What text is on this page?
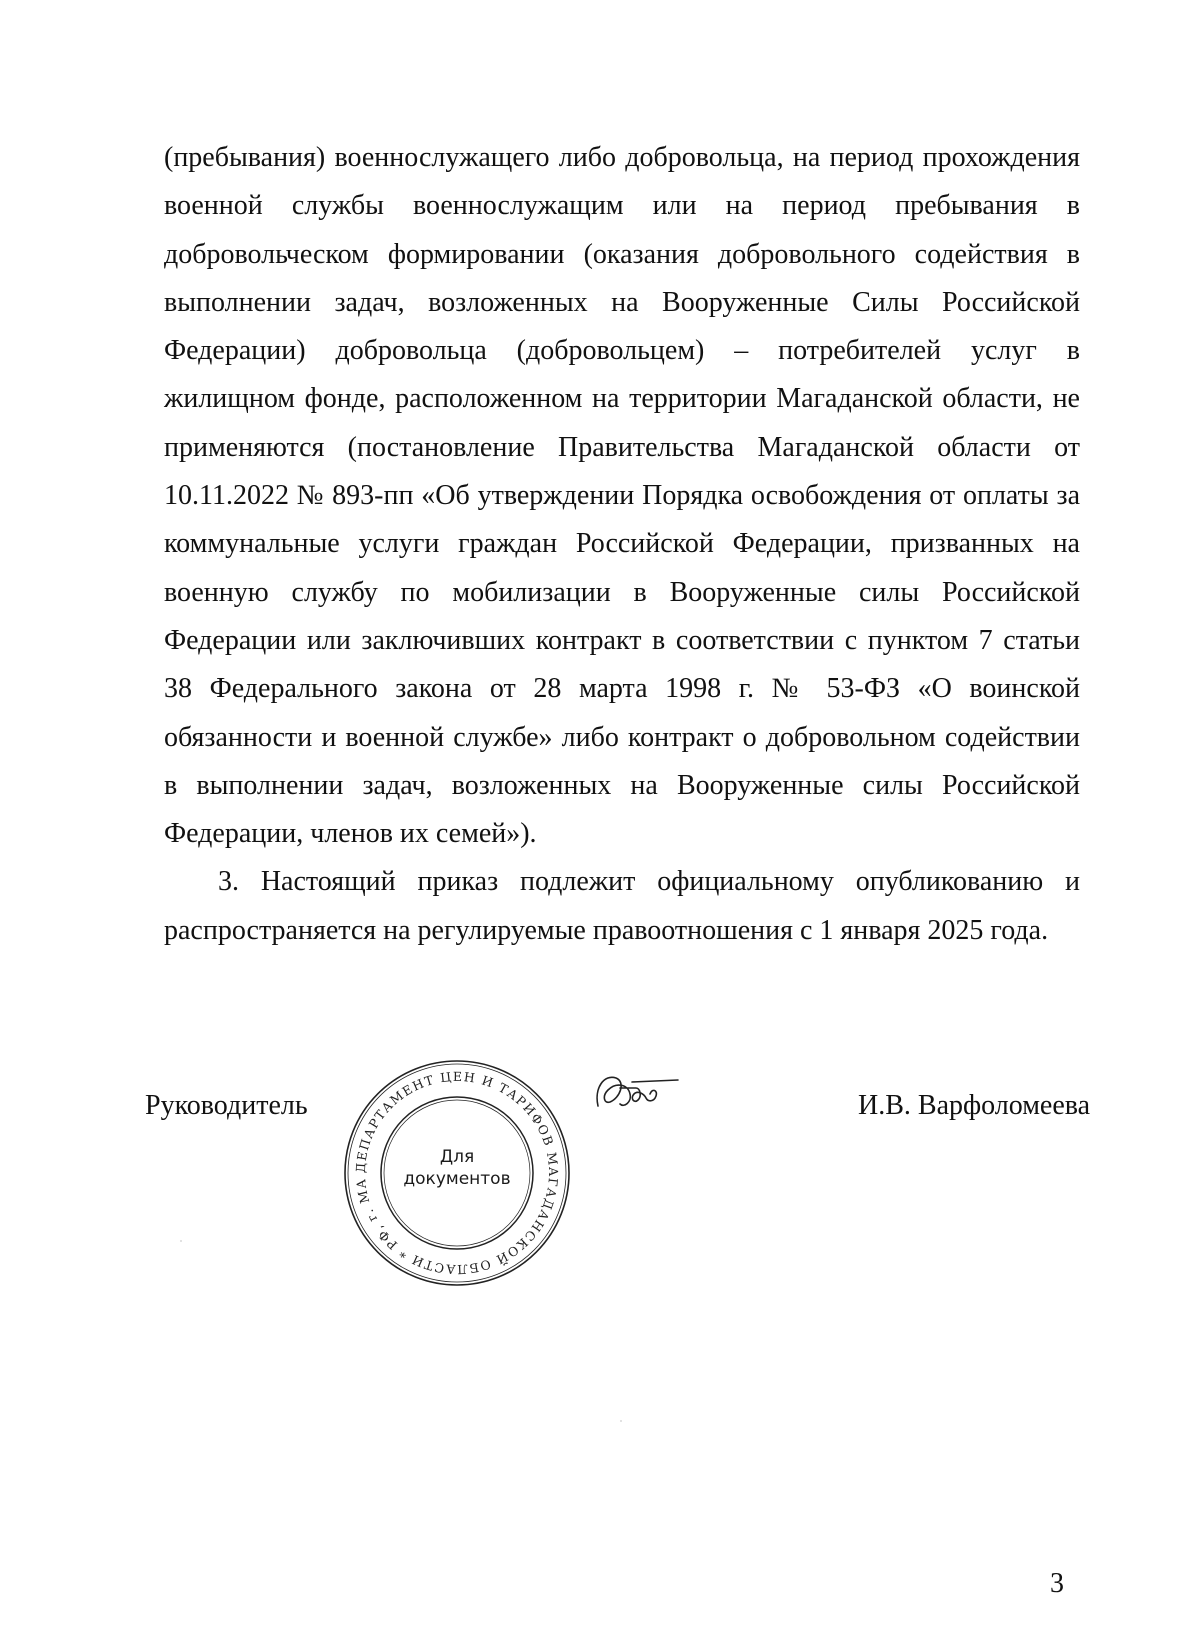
(пребывания) военнослужащего либо добровольца, на период прохождения военной службы военнослужащим или на период пребывания в добровольческом формировании (оказания добровольного содействия в выполнении задач, возложенных на Вооруженные Силы Российской Федерации) добровольца (добровольцем) – потребителей услуг в жилищном фонде, расположенном на территории Магаданской области, не применяются (постановление Правительства Магаданской области от 10.11.2022 № 893-пп «Об утверждении Порядка освобождения от оплаты за коммунальные услуги граждан Российской Федерации, призванных на военную службу по мобилизации в Вооруженные силы Российской Федерации или заключивших контракт в соответствии с пунктом 7 статьи 38 Федерального закона от 28 марта 1998 г. № 53-ФЗ «О воинской обязанности и военной службе» либо контракт о добровольном содействии в выполнении задач, возложенных на Вооруженные силы Российской Федерации, членов их семей»).

3. Настоящий приказ подлежит официальному опубликованию и распространяется на регулируемые правоотношения с 1 января 2025 года.

Руководитель
ДЕПАРТАМЕНТ ЦЕН И ТАРИФОВ МАГАДАНСКОЙ ОБЛАСТИ * РФ, г. МА
Для
документов
И.В. Варфоломеева
3
